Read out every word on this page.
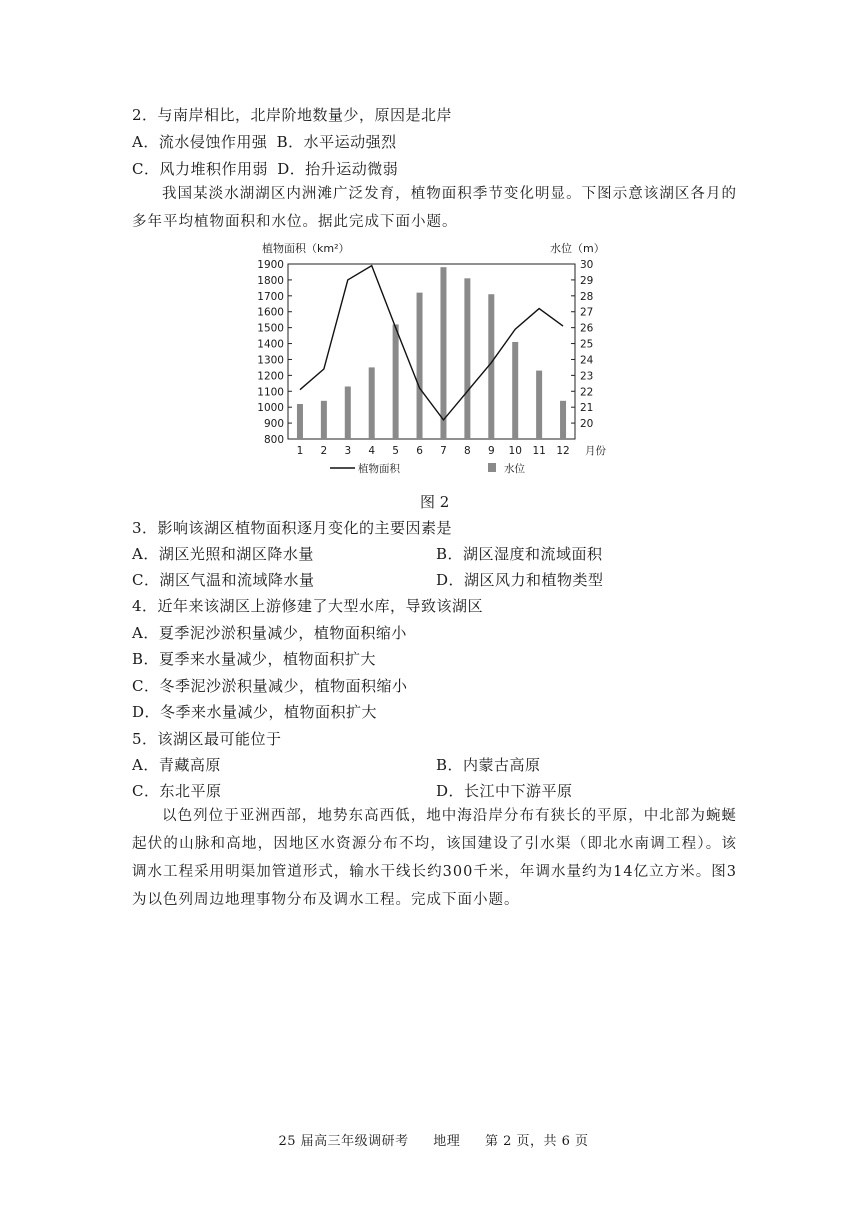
2．与南岸相比，北岸阶地数量少，原因是北岸
A．流水侵蚀作用强 B．水平运动强烈
C．风力堆积作用弱 D．抬升运动微弱
我国某淡水湖湖区内洲滩广泛发育，植物面积季节变化明显。下图示意该湖区各月的多年平均植物面积和水位。据此完成下面小题。
植物面积（km²）	水位（m）
1900
1800
1700
1600
1500
1400
1300
1200
1100
1000
900
800
30
29
28
27
26
25
24
23
22
21
20
1 2 3 4 5 6 7 8 9 10 11 12 月份
植物面积	水位
图 2
3．影响该湖区植物面积逐月变化的主要因素是
A．湖区光照和湖区降水量	B．湖区湿度和流域面积
C．湖区气温和流域降水量	D．湖区风力和植物类型
4．近年来该湖区上游修建了大型水库，导致该湖区
A．夏季泥沙淤积量减少，植物面积缩小
B．夏季来水量减少，植物面积扩大
C．冬季泥沙淤积量减少，植物面积缩小
D．冬季来水量减少，植物面积扩大
5．该湖区最可能位于
A．青藏高原	B．内蒙古高原
C．东北平原	D．长江中下游平原
以色列位于亚洲西部，地势东高西低，地中海沿岸分布有狭长的平原，中北部为蜿蜒起伏的山脉和高地，因地区水资源分布不均，该国建设了引水渠（即北水南调工程）。该调水工程采用明渠加管道形式，输水干线长约300千米，年调水量约为14亿立方米。图3为以色列周边地理事物分布及调水工程。完成下面小题。
25 届高三年级调研考 地理 第 2 页，共 6 页
